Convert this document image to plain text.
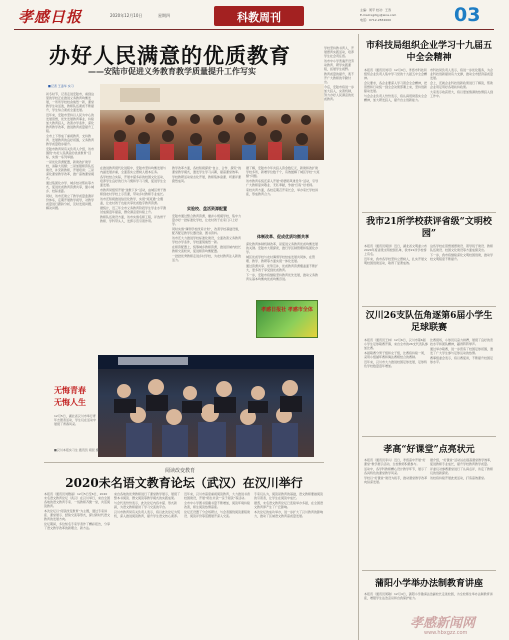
孝感日报	2020年12月10日	星期四	科教周刊
主编：周平 校对：王涛
E-mail:xgrbjy@sina.com
电话：0712-2832000	03
办好人民满意的优质教育
——安陆市促进义务教育教学质量提升工作写实
■记者 王凌华 实习

初冬时节，记者走进安陆市，看到这里的学校正在推进义务教育均衡发展，一所所学校校舍焕然一新，课堂教学生动活泼，教师队伍素质不断提升，学生综合素质全面发展。

近年来，安陆市坚持以人民为中心的发展思想，优先发展教育事业，持续加大教育投入，改善办学条件，深化教育教学改革，推进教育质量提升工程。

全市上下形成了重视教育、支持教育、发展教育的良好氛围，义务教育教学质量稳步提升。

安陆市教育局有关负责人介绍，该市围绕“办好人民满意的优质教育”目标，实施一系列举措。

一是优化资源配置，新建改扩建学校，消除大班额；二是加强师资队伍建设，补充新教师，开展培训；三是深化课堂教学改革，推广高效课堂模式。

通过集团化办学、城乡结对帮扶等方式，促进优质教育资源共享，缩小城乡、校际差距。

同时，该市还建立了教学质量监测评价体系，定期开展教学视导，对教学质量进行跟踪分析，及时发现问题、解决问题。

在推进教育现代化进程中，安陆市坚持均衡发展与内涵发展并重，全面落实立德树人根本任务。

各学校结合实际，开展丰富多彩的校园文化活动，培养学生良好的行为习惯和学习习惯，促进学生全面发展。

市教育局组织开展“送教下乡”活动，由城区骨干教师到农村学校上示范课，带动乡村教师专业成长。

该市还积极推进信息化教学，实现“班班通”全覆盖，让农村孩子也能共享优质数字教育资源。

据统计，近三年全市义务教育阶段学生学业水平测试成绩逐年提高，群众满意度持续上升。

教师队伍建设方面，该市实施名师工程，评选骨干教师、学科带头人，发挥示范引领作用。

实验校、盘活资源配置

教学改革方面，各校积极探索“自主、合作、探究”的课堂教学模式，激发学生学习兴趣，提高课堂效率。

学校教研活动常态化开展，教师集体备课、听课评课蔚然成风。

安陆市通过整合教育资源，撤并小规模学校，集中力量办好一批标准化学校，让农村孩子在家门口上好学。

同时实施“薄弱学校改造计划”，改善学校基础设施，配齐配足教学仪器设备、图书资料。

该市还大力推进学校标准化建设，全面改善义务教育学校办学条件，学校面貌焕然一新。

在师资配置上，统筹城乡教师资源，推进县域内校长教师交流轮岗，促进师资均衡配置。

一批批优秀教师走进乡村学校，为农村教育注入新的活力。

据了解，安陆市今年共投入资金数亿元，新建和改扩建学校多所，新增学位数千个，有效缓解了城区学校“大班额”问题。

该市教育系统还深入开展“师德师风建设年”活动，引导广大教师爱岗敬业、无私奉献，争做“四有”好老师。

家校共育方面，各校定期召开家长会，举办家长学校讲座，形成教育合力。

体制改革、促成优质均衡共享

深化教育体制机制改革，是促进义务教育优质均衡发展的关键。安陆市大胆探索，推行学区制管理和集团化办学。

城区优质学校与农村薄弱学校结成发展共同体，在管理、教学、教研等方面实现一体化发展。

通过资源共享、优势互补，优质教育资源覆盖面不断扩大，更多孩子享受到优质教育。

下一步，安陆市将继续坚持教育优先发展，推动义务教育从基本均衡向优质均衡迈进。

学校坚持教书育人，开展德育实践活动，培养学生社会责任感。

该市中小学普遍开设劳动教育、研学实践课程，拓展学生视野。

教育质量的提升，离不开广大教师的辛勤付出。

今后，安陆市将进一步加大投入，完善机制，努力办好人民满意的优质教育。

孝感日报社 孝感市全体
无悔青春
无悔人生

12月5日，湖北省汉川市举行青年志愿者活动，学生们在活动中展现了青春风采。

■汉川本报实习生 通讯员 胡昆 摄
阅读改变教育
2020未名语文教育论坛（武汉）在汉川举行

本报讯（通讯员刘雅丽）12月5日至6日，2020未名语文教育论坛（武汉）在汉川举行，来自全国各地的语文教育专家、一线教师齐聚一堂，共话阅读教育。

本次论坛以“阅读改变教育”为主题，通过专家讲座、课堂展示、经验交流等形式，探讨新时代语文教育的发展方向。

论坛期间，多位知名专家学者作了精彩报告，分享了语文教学改革的新理念、新方法。

来自各地的优秀教师进行了课堂教学展示，展现了整本书阅读、群文阅读等教学模式的实践成果。

与会代表纷纷表示，此次论坛内容丰富、形式新颖，为语文教师提供了学习交流的平台。

汉川市教育局有关负责人表示，将以此次论坛为契机，深入推进阅读教育，提升学生语文核心素养。

近年来，汉川市高度重视阅读教育，大力推进书香校园建设，开展“师生共读”“亲子阅读”等活动。

全市中小学图书馆藏书量不断增加，阅读环境持续改善，师生阅读热情高涨。

论坛还设置了分会场研讨，与会者围绕阅读课程建设、阅读评价等话题展开深入交流。

专家们认为，阅读是教育的基础，语文教师要做阅读的引领者，让学生在阅读中成长。

据悉，未名语文教育论坛已连续举办多届，在全国语文教育界产生了广泛影响。

本次论坛的成功举办，进一步扩大了汉川教育的影响力，推动了区域语文教育高质量发展。

市科技局组织企业学习十九届五中全会精神

本报讯（通讯员刘可）12月9日，孝感市科技局组织企业负责人集中学习党的十九届五中全会精神。

会议要求，各企业要深入学习领会全会精神，把思想和行动统一到全会决策部署上来，坚持创新驱动发展。

与会企业负责人纷纷表示，将认真贯彻落实全会精神，加大研发投入，提升自主创新能力。

市科技局负责人表示，将进一步优化服务，为企业科技创新提供有力支撑，推动全市经济高质量发展。

会上，还就企业科技创新政策进行了解读，帮助企业用足用好各项扶持政策。

大家表示收获很大，将以更加饱满的热情投入到工作中。

我市21所学校获评省级“文明校园”

本报讯（通讯员胡剑）近日，湖北省文明委公布2020年度省级文明校园名单，我市21所学校榜上有名。

近年来，我市各学校坚持立德树人，扎实开展文明校园创建活动，取得了显著成效。

这些学校在思想道德建设、领导班子建设、教师队伍建设、校园文化建设等方面成绩突出。

下一步，我市将继续深化文明校园创建，推动学校文明程度不断提升。

汉川26支队伍角逐第6届小学生足球联赛

本报讯（通讯员王林）12月6日，汉川市第6届小学生足球联赛开幕，来自全市的26支代表队参加比赛。

本届联赛分男子组和女子组，比赛将持续一周，采用小组循环赛和淘汰赛相结合的赛制。

近年来，汉川市大力推进校园足球发展，足球特色学校数量逐年增加。

比赛现场，小球员们奋力拼搏，展现了良好的竞技水平和团队精神，赢得阵阵掌声。

通过举办联赛，进一步营造了校园足球氛围，激发了广大学生参与足球运动的热情。

赛事组委会表示，将以赛促训，不断提升校园足球水平。

孝高“好课堂”点亮状元

本报讯（通讯员李兵）近日，孝感高中开展“好课堂”教学展示活动，全校教师积极参与。

活动中，各学科教师精心设计教学环节，展示了各具特色的课堂教学风采。

学校以“好课堂”建设为抓手，推动课堂教学改革向纵深发展。

据介绍，“好课堂”活动旨在提高课堂教学效率，促进教师专业成长，提升学校教育教学质量。

评委们对参赛课堂进行了认真点评，肯定了教师们的创新探索。

该校将持续开展此类活动，打造高效课堂。

蒲阳小学举办法制教育讲座

本报讯（通讯员周敏）12月4日，蒲阳小学邀请法治副校长走进校园，为全校师生举办法制教育讲座，增强学生法治意识和自我保护能力。

孝感新闻网
www.hbxgzz.com
